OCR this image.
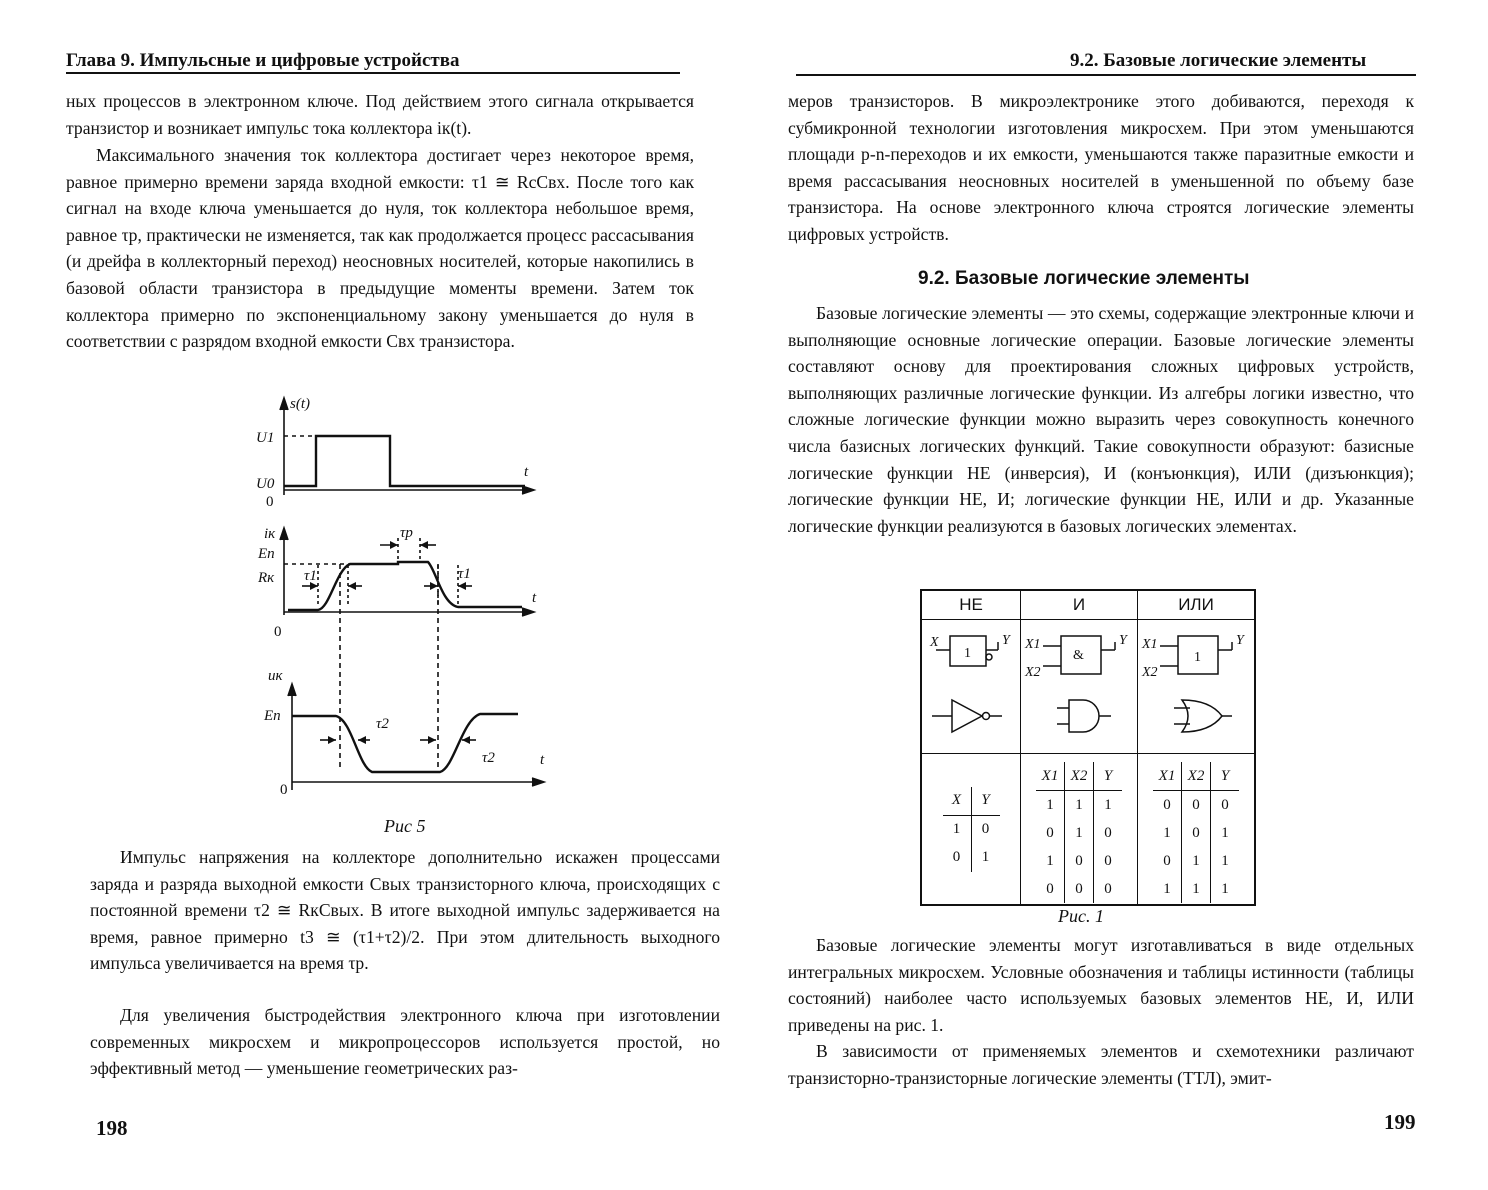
Глава 9. Импульсные и цифровые устройства

ных процессов в электронном ключе. Под действием этого сигнала открывается транзистор и возникает импульс тока коллектора iк(t).

Максимального значения ток коллектора достигает через некоторое время, равное примерно времени заряда входной емкости: τ1 ≅ RcCвх. После того как сигнал на входе ключа уменьшается до нуля, ток коллектора небольшое время, равное τр, практически не изменяется, так как продолжается процесс рассасывания (и дрейфа в коллекторный переход) неосновных носителей, которые накопились в базовой области транзистора в предыдущие моменты времени. Затем ток коллектора примерно по экспоненциальному закону уменьшается до нуля в соответствии с разрядом входной емкости Cвх транзистора.

s(t)
U1
U0
0
t
iк
Eп
Rк τ1	τ1
τр
0
t
uк
Eп	τ2
τ2
0
t
Рис 5

Импульс напряжения на коллекторе дополнительно искажен процессами заряда и разряда выходной емкости Cвых транзисторного ключа, происходящих с постоянной времени τ2 ≅ RкCвых. В итоге выходной импульс задерживается на время, равное примерно t3 ≅ (τ1+τ2)/2. При этом длительность выходного импульса увеличивается на время τр.

Для увеличения быстродействия электронного ключа при изготовлении современных микросхем и микропроцессоров используется простой, но эффективный метод — уменьшение геометрических раз-

198
9.2. Базовые логические элементы

меров транзисторов. В микроэлектронике этого добиваются, переходя к субмикронной технологии изготовления микросхем. При этом уменьшаются площади p-n-переходов и их емкости, уменьшаются также паразитные емкости и время рассасывания неосновных носителей в уменьшенной по объему базе транзистора. На основе электронного ключа строятся логические элементы цифровых устройств.

9.2. Базовые логические элементы

Базовые логические элементы — это схемы, содержащие электронные ключи и выполняющие основные логические операции. Базовые логические элементы составляют основу для проектирования сложных цифровых устройств, выполняющих различные логические функции. Из алгебры логики известно, что сложные логические функции можно выразить через совокупность конечного числа базисных логических функций. Такие совокупности образуют: базисные логические функции НЕ (инверсия), И (конъюнкция), ИЛИ (дизъюнкция); логические функции НЕ, И; логические функции НЕ, ИЛИ и др. Указанные логические функции реализуются в базовых логических элементах.

НЕ	И	ИЛИ

X
1
Y	X1
X2
&
Y	X1
X2
1
Y

X	Y
1	0
0	1

X1	X2	Y
1	1	1
0	1	0
1	0	0
0	0	0

X1	X2	Y
0	0	0
1	0	1
0	1	1
1	1	1
Рис. 1

Базовые логические элементы могут изготавливаться в виде отдельных интегральных микросхем. Условные обозначения и таблицы истинности (таблицы состояний) наиболее часто используемых базовых элементов НЕ, И, ИЛИ приведены на рис. 1.

В зависимости от применяемых элементов и схемотехники различают транзисторно-транзисторные логические элементы (ТТЛ), эмит-

199
